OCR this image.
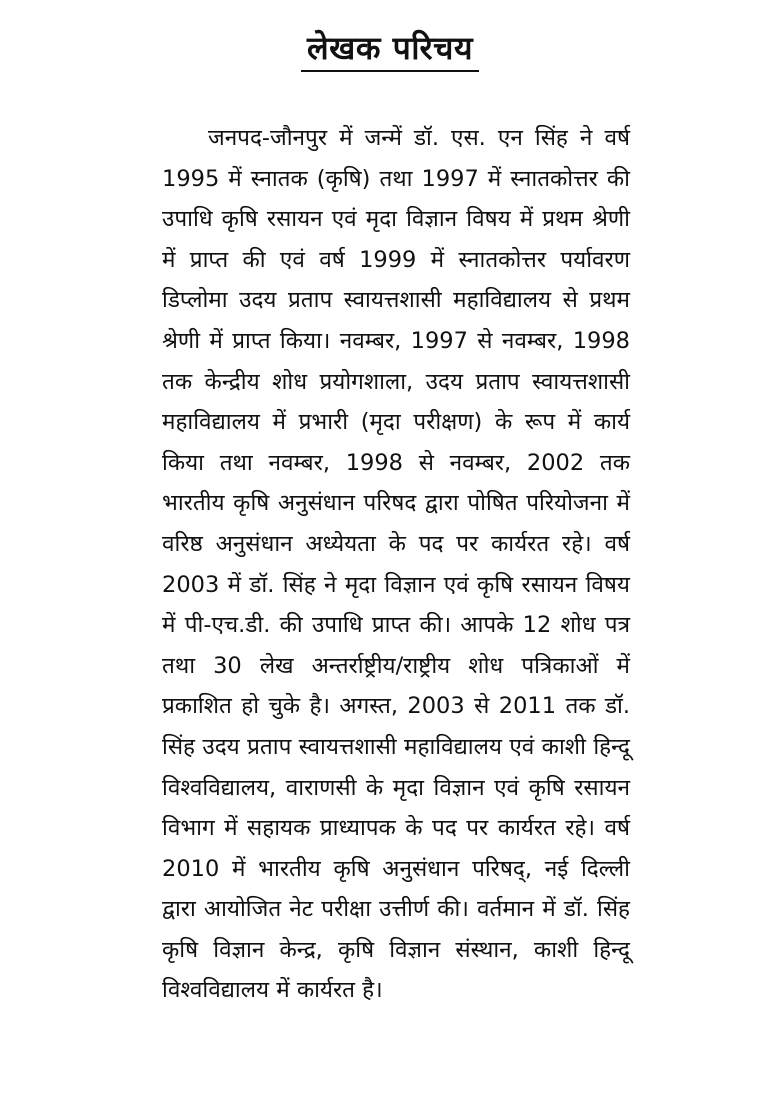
लेखक परिचय

जनपद-जौनपुर में जन्में डॉ. एस. एन सिंह ने वर्ष 1995 में स्नातक (कृषि) तथा 1997 में स्नातकोत्तर की उपाधि कृषि रसायन एवं मृदा विज्ञान विषय में प्रथम श्रेणी में प्राप्त की एवं वर्ष 1999 में स्नातकोत्तर पर्यावरण डिप्लोमा उदय प्रताप स्वायत्तशासी महाविद्यालय से प्रथम श्रेणी में प्राप्त किया। नवम्बर, 1997 से नवम्बर, 1998 तक केन्द्रीय शोध प्रयोगशाला, उदय प्रताप स्वायत्तशासी महाविद्यालय में प्रभारी (मृदा परीक्षण) के रूप में कार्य किया तथा नवम्बर, 1998 से नवम्बर, 2002 तक भारतीय कृषि अनुसंधान परिषद द्वारा पोषित परियोजना में वरिष्ठ अनुसंधान अध्येयता के पद पर कार्यरत रहे। वर्ष 2003 में डॉ. सिंह ने मृदा विज्ञान एवं कृषि रसायन विषय में पी-एच.डी. की उपाधि प्राप्त की। आपके 12 शोध पत्र तथा 30 लेख अन्तर्राष्ट्रीय/राष्ट्रीय शोध पत्रिकाओं में प्रकाशित हो चुके है। अगस्त, 2003 से 2011 तक डॉ. सिंह उदय प्रताप स्वायत्तशासी महाविद्यालय एवं काशी हिन्दू विश्वविद्यालय, वाराणसी के मृदा विज्ञान एवं कृषि रसायन विभाग में सहायक प्राध्यापक के पद पर कार्यरत रहे। वर्ष 2010 में भारतीय कृषि अनुसंधान परिषद्, नई दिल्ली द्वारा आयोजित नेट परीक्षा उत्तीर्ण की। वर्तमान में डॉ. सिंह कृषि विज्ञान केन्द्र, कृषि विज्ञान संस्थान, काशी हिन्दू विश्वविद्यालय में कार्यरत है।
